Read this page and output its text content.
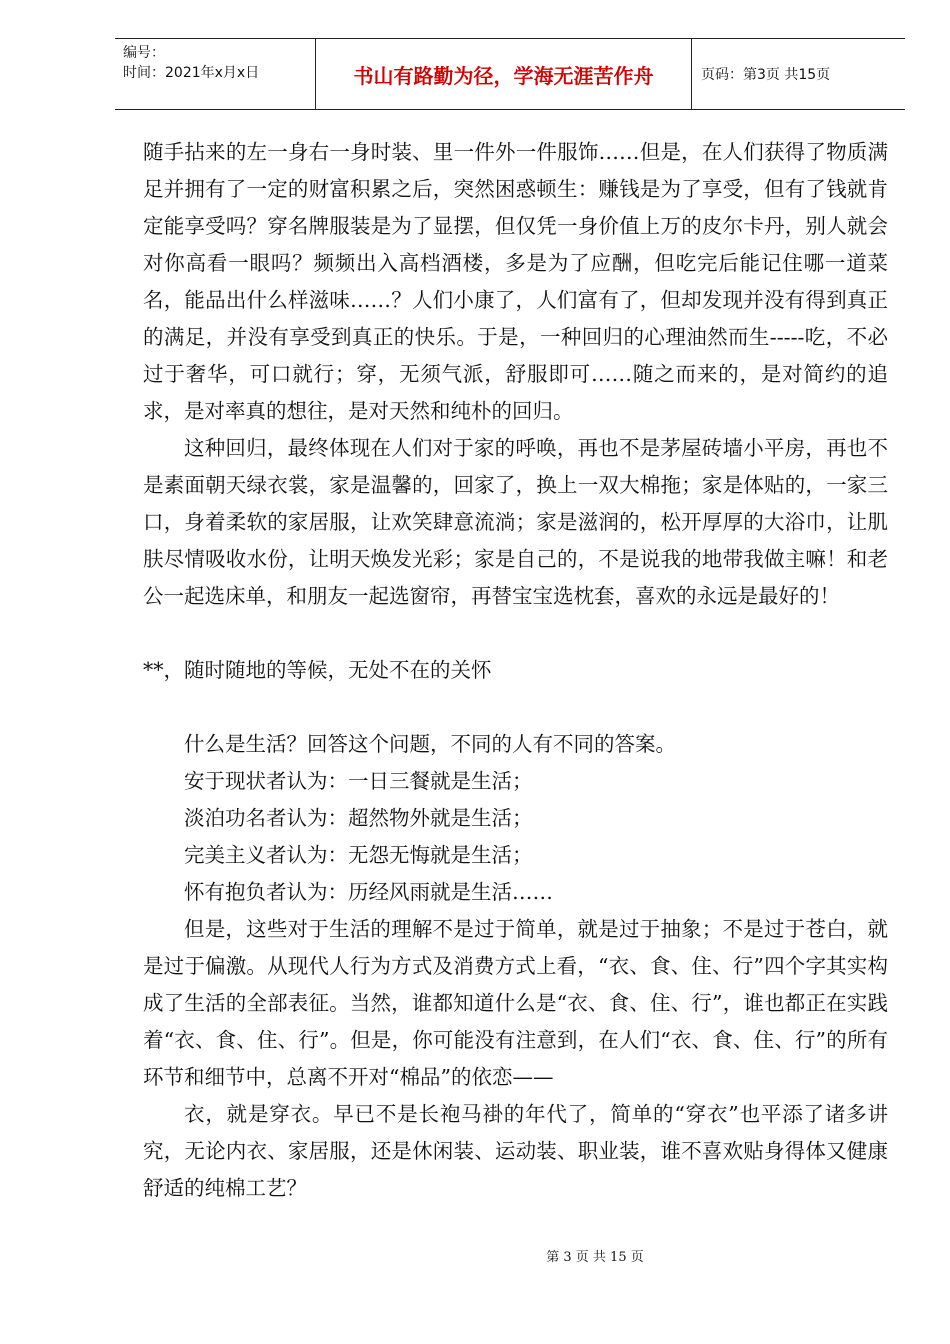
编号：
时间：2021年x月x日	书山有路勤为径，学海无涯苦作舟	页码：第3页 共15页

随手拈来的左一身右一身时装、里一件外一件服饰……但是，在人们获得了物质满足并拥有了一定的财富积累之后，突然困惑顿生：赚钱是为了享受，但有了钱就肯定能享受吗？穿名牌服装是为了显摆，但仅凭一身价值上万的皮尔卡丹，别人就会对你高看一眼吗？频频出入高档酒楼，多是为了应酬，但吃完后能记住哪一道菜名，能品出什么样滋味……？人们小康了，人们富有了，但却发现并没有得到真正的满足，并没有享受到真正的快乐。于是，一种回归的心理油然而生-----吃，不必过于奢华，可口就行；穿，无须气派，舒服即可……随之而来的，是对简约的追求，是对率真的想往，是对天然和纯朴的回归。

这种回归，最终体现在人们对于家的呼唤，再也不是茅屋砖墙小平房，再也不是素面朝天绿衣裳，家是温馨的，回家了，换上一双大棉拖；家是体贴的，一家三口，身着柔软的家居服，让欢笑肆意流淌；家是滋润的，松开厚厚的大浴巾，让肌肤尽情吸收水份，让明天焕发光彩；家是自己的，不是说我的地带我做主嘛！和老公一起选床单，和朋友一起选窗帘，再替宝宝选枕套，喜欢的永远是最好的！

**，随时随地的等候，无处不在的关怀

什么是生活？回答这个问题，不同的人有不同的答案。

安于现状者认为：一日三餐就是生活；

淡泊功名者认为：超然物外就是生活；

完美主义者认为：无怨无悔就是生活；

怀有抱负者认为：历经风雨就是生活……

但是，这些对于生活的理解不是过于简单，就是过于抽象；不是过于苍白，就是过于偏激。从现代人行为方式及消费方式上看，“衣、食、住、行”四个字其实构成了生活的全部表征。当然，谁都知道什么是“衣、食、住、行”，谁也都正在实践着“衣、食、住、行”。但是，你可能没有注意到，在人们“衣、食、住、行”的所有环节和细节中，总离不开对“棉品”的依恋——

衣，就是穿衣。早已不是长袍马褂的年代了，简单的“穿衣”也平添了诸多讲究，无论内衣、家居服，还是休闲装、运动装、职业装，谁不喜欢贴身得体又健康舒适的纯棉工艺？

第 3 页 共 15 页
